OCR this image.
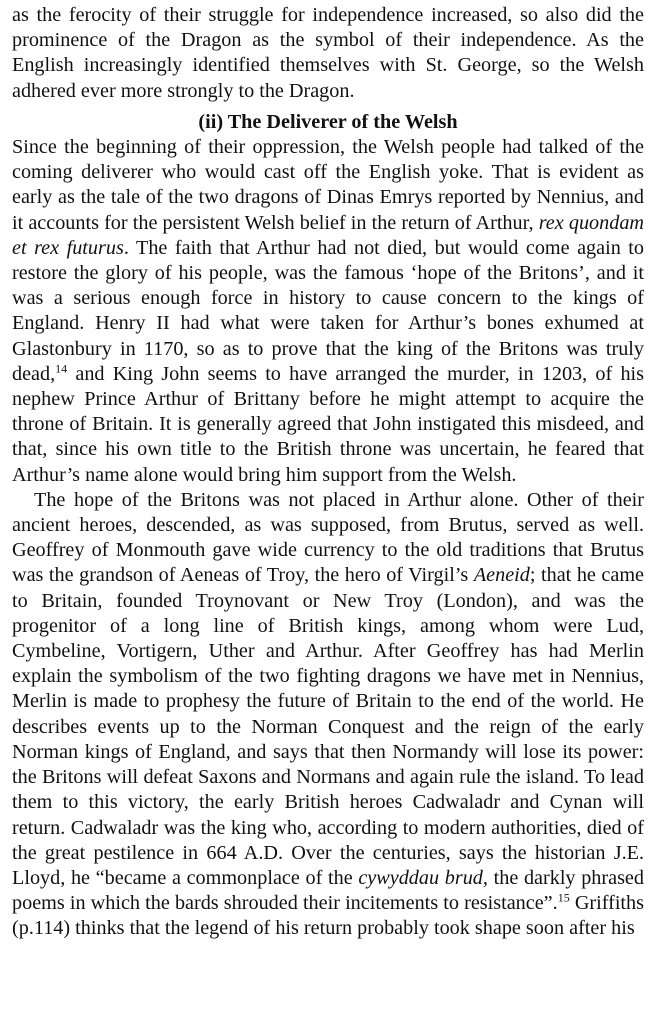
as the ferocity of their struggle for independence increased, so also did the prominence of the Dragon as the symbol of their independence. As the English increasingly identified themselves with St. George, so the Welsh adhered ever more strongly to the Dragon.

(ii) The Deliverer of the Welsh

Since the beginning of their oppression, the Welsh people had talked of the coming deliverer who would cast off the English yoke. That is evident as early as the tale of the two dragons of Dinas Emrys reported by Nennius, and it accounts for the persistent Welsh belief in the return of Arthur, rex quondam et rex futurus. The faith that Arthur had not died, but would come again to restore the glory of his people, was the famous ‘hope of the Britons’, and it was a serious enough force in history to cause concern to the kings of England. Henry II had what were taken for Arthur’s bones exhumed at Glastonbury in 1170, so as to prove that the king of the Britons was truly dead,$^{14}$ and King John seems to have arranged the murder, in 1203, of his nephew Prince Arthur of Brittany before he might attempt to acquire the throne of Britain. It is generally agreed that John instigated this misdeed, and that, since his own title to the British throne was uncertain, he feared that Arthur’s name alone would bring him support from the Welsh.

The hope of the Britons was not placed in Arthur alone. Other of their ancient heroes, descended, as was supposed, from Brutus, served as well. Geoffrey of Monmouth gave wide currency to the old traditions that Brutus was the grandson of Aeneas of Troy, the hero of Virgil’s Aeneid; that he came to Britain, founded Troynovant or New Troy (London), and was the progenitor of a long line of British kings, among whom were Lud, Cymbeline, Vortigern, Uther and Arthur. After Geoffrey has had Merlin explain the symbolism of the two fighting dragons we have met in Nennius, Merlin is made to prophesy the future of Britain to the end of the world. He describes events up to the Norman Conquest and the reign of the early Norman kings of England, and says that then Normandy will lose its power: the Britons will defeat Saxons and Normans and again rule the island. To lead them to this victory, the early British heroes Cadwaladr and Cynan will return. Cadwaladr was the king who, according to modern authorities, died of the great pestilence in 664 A.D. Over the centuries, says the historian J.E. Lloyd, he “became a commonplace of the cywyddau brud, the darkly phrased poems in which the bards shrouded their incitements to resistance”.$^{15}$ Griffiths (p.114) thinks that the legend of his return probably took shape soon after his
